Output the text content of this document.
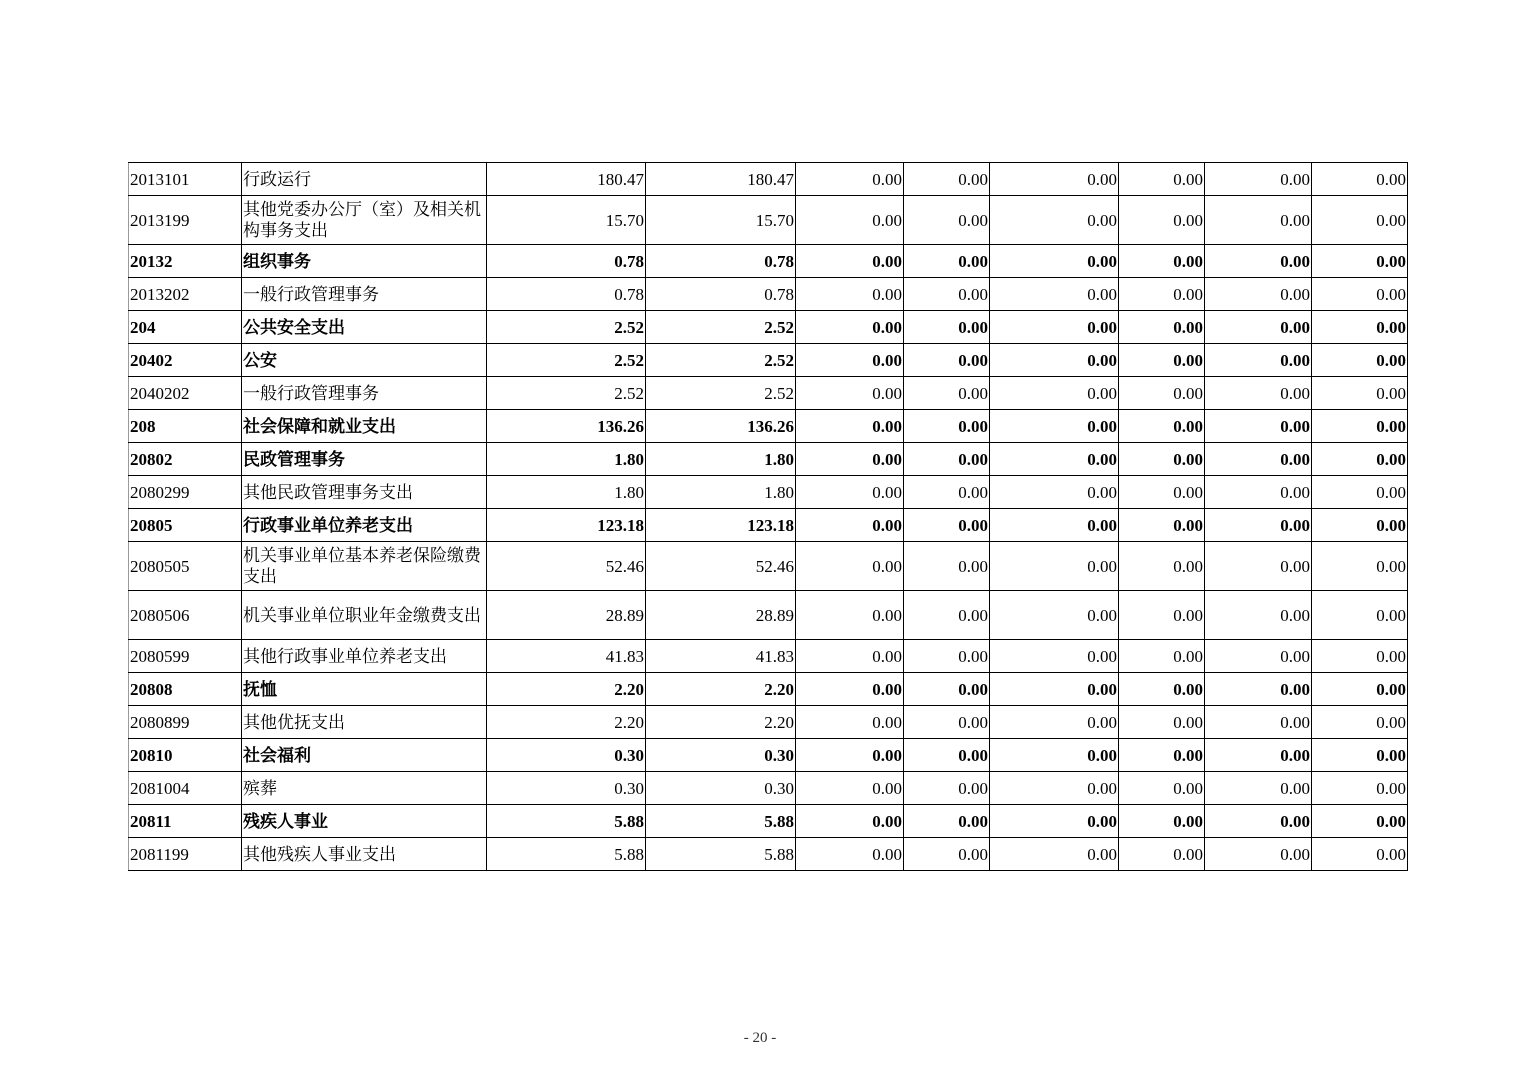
2013101	行政运行	180.47	180.47	0.00	0.00	0.00	0.00	0.00	0.00
2013199	其他党委办公厅（室）及相关机构事务支出	15.70	15.70	0.00	0.00	0.00	0.00	0.00	0.00
20132	组织事务	0.78	0.78	0.00	0.00	0.00	0.00	0.00	0.00
2013202	一般行政管理事务	0.78	0.78	0.00	0.00	0.00	0.00	0.00	0.00
204	公共安全支出	2.52	2.52	0.00	0.00	0.00	0.00	0.00	0.00
20402	公安	2.52	2.52	0.00	0.00	0.00	0.00	0.00	0.00
2040202	一般行政管理事务	2.52	2.52	0.00	0.00	0.00	0.00	0.00	0.00
208	社会保障和就业支出	136.26	136.26	0.00	0.00	0.00	0.00	0.00	0.00
20802	民政管理事务	1.80	1.80	0.00	0.00	0.00	0.00	0.00	0.00
2080299	其他民政管理事务支出	1.80	1.80	0.00	0.00	0.00	0.00	0.00	0.00
20805	行政事业单位养老支出	123.18	123.18	0.00	0.00	0.00	0.00	0.00	0.00
2080505	机关事业单位基本养老保险缴费支出	52.46	52.46	0.00	0.00	0.00	0.00	0.00	0.00
2080506	机关事业单位职业年金缴费支出	28.89	28.89	0.00	0.00	0.00	0.00	0.00	0.00
2080599	其他行政事业单位养老支出	41.83	41.83	0.00	0.00	0.00	0.00	0.00	0.00
20808	抚恤	2.20	2.20	0.00	0.00	0.00	0.00	0.00	0.00
2080899	其他优抚支出	2.20	2.20	0.00	0.00	0.00	0.00	0.00	0.00
20810	社会福利	0.30	0.30	0.00	0.00	0.00	0.00	0.00	0.00
2081004	殡葬	0.30	0.30	0.00	0.00	0.00	0.00	0.00	0.00
20811	残疾人事业	5.88	5.88	0.00	0.00	0.00	0.00	0.00	0.00
2081199	其他残疾人事业支出	5.88	5.88	0.00	0.00	0.00	0.00	0.00	0.00
- 20 -
